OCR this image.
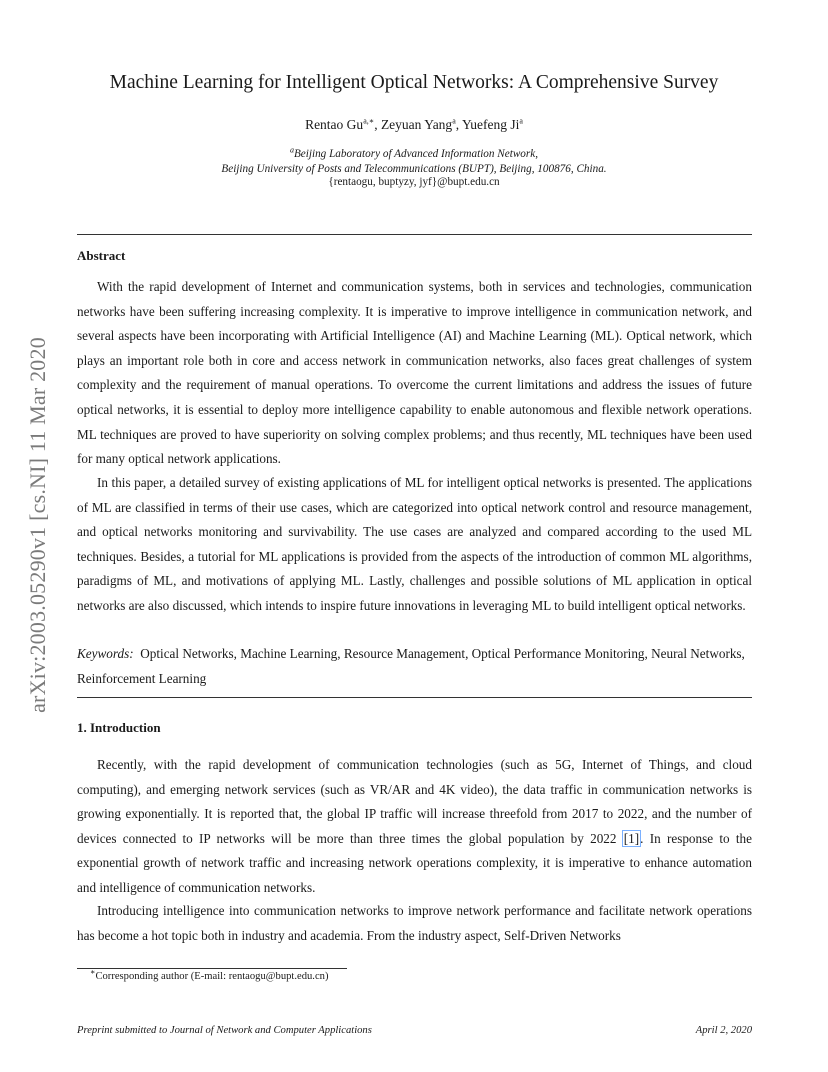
arXiv:2003.05290v1 [cs.NI] 11 Mar 2020
Machine Learning for Intelligent Optical Networks: A Comprehensive Survey
Rentao $Gu^{a,∗}$, Zeyuan Yang$^a$, Yuefeng Ji$^a$
$^a$Beijing Laboratory of Advanced Information Network,
Beijing University of Posts and Telecommunications (BUPT), Beijing, 100876, China.
{rentaogu, buptyzy, jyf}@bupt.edu.cn
Abstract
With the rapid development of Internet and communication systems, both in services and technologies, communication networks have been suffering increasing complexity. It is imperative to improve intelligence in communication network, and several aspects have been incorporating with Artificial Intelligence (AI) and Machine Learning (ML). Optical network, which plays an important role both in core and access network in communication networks, also faces great challenges of system complexity and the requirement of manual operations. To overcome the current limitations and address the issues of future optical networks, it is essential to deploy more intelligence capability to enable autonomous and flexible network operations. ML techniques are proved to have superiority on solving complex problems; and thus recently, ML techniques have been used for many optical network applications.
In this paper, a detailed survey of existing applications of ML for intelligent optical networks is presented. The applications of ML are classified in terms of their use cases, which are categorized into optical network control and resource management, and optical networks monitoring and survivability. The use cases are analyzed and compared according to the used ML techniques. Besides, a tutorial for ML applications is provided from the aspects of the introduction of common ML algorithms, paradigms of ML, and motivations of applying ML. Lastly, challenges and possible solutions of ML application in optical networks are also discussed, which intends to inspire future innovations in leveraging ML to build intelligent optical networks.
Keywords: Optical Networks, Machine Learning, Resource Management, Optical Performance Monitoring, Neural Networks, Reinforcement Learning
1. Introduction
Recently, with the rapid development of communication technologies (such as 5G, Internet of Things, and cloud computing), and emerging network services (such as VR/AR and 4K video), the data traffic in communication networks is growing exponentially. It is reported that, the global IP traffic will increase threefold from 2017 to 2022, and the number of devices connected to IP networks will be more than three times the global population by 2022 [1]. In response to the exponential growth of network traffic and increasing network operations complexity, it is imperative to enhance automation and intelligence of communication networks.
Introducing intelligence into communication networks to improve network performance and facilitate network operations has become a hot topic both in industry and academia. From the industry aspect, Self-Driven Networks
∗Corresponding author (E-mail: rentaogu@bupt.edu.cn)
Preprint submitted to Journal of Network and Computer Applications	April 2, 2020
